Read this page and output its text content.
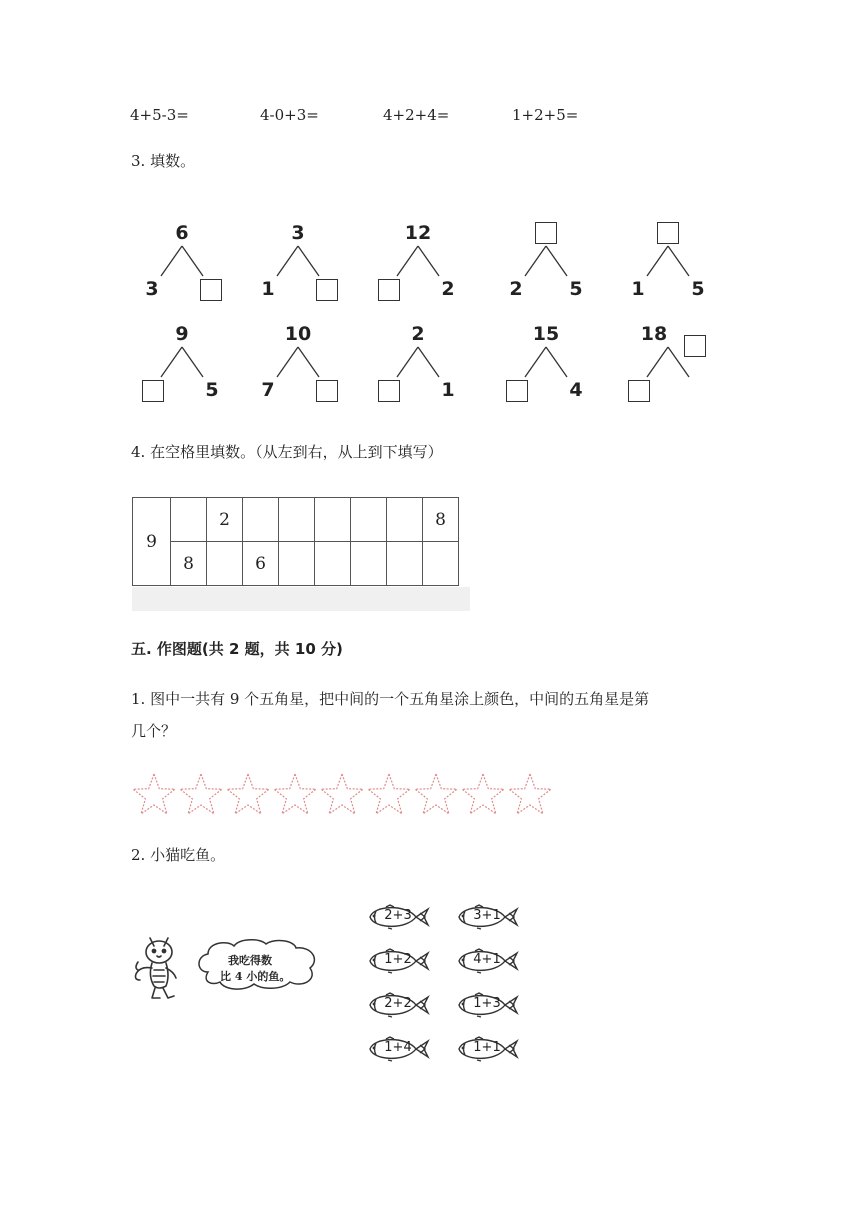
4+5-3=	4-0+3=	4+2+4=	1+2+5=
3. 填数。
6
3
3
1
12
2	2	5	1	5
9
5
10
7
2
1
15
4
18
4. 在空格里填数。（从左到右，从上到下填写）
9		2						8
	8		6					
五. 作图题(共 2 题，共 10 分)
1. 图中一共有 9 个五角星，把中间的一个五角星涂上颜色，中间的五角星是第
几个？
2. 小猫吃鱼。
我吃得数
比 4 小的鱼。
2+3
1+2
2+2
1+4
3+1
4+1
1+3
1+1
